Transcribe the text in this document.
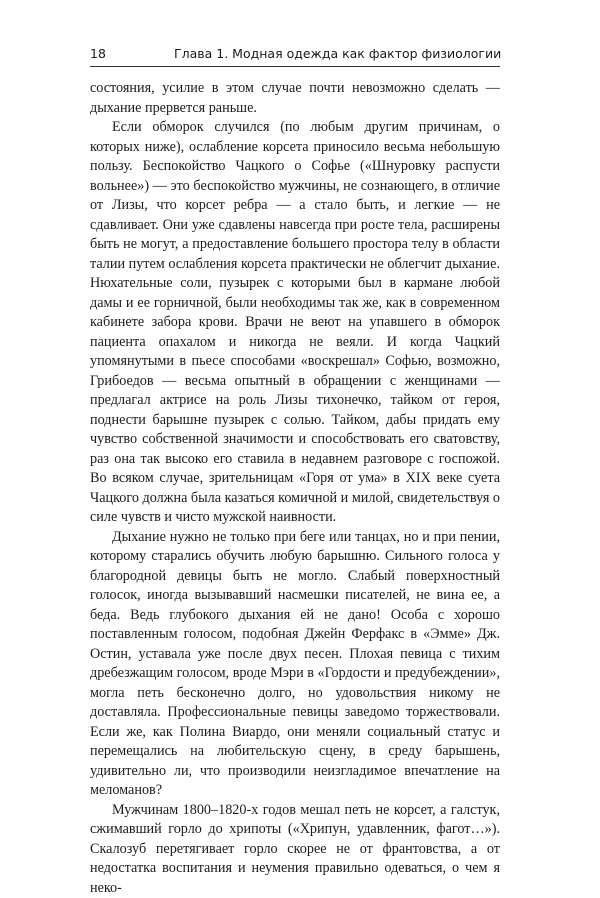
18	Глава 1. Модная одежда как фактор физиологии

состояния, усилие в этом случае почти невозможно сделать — дыхание прервется раньше.

Если обморок случился (по любым другим причинам, о которых ниже), ослабление корсета приносило весьма небольшую пользу. Беспокойство Чацкого о Софье («Шнуровку распусти вольнее») — это беспокойство мужчины, не сознающего, в отличие от Лизы, что корсет ребра — а стало быть, и легкие — не сдавливает. Они уже сдавлены навсегда при росте тела, расширены быть не могут, а предоставление большего простора телу в области талии путем ослабления корсета практически не облегчит дыхание. Нюхательные соли, пузырек с которыми был в кармане любой дамы и ее горничной, были необходимы так же, как в современном кабинете забора крови. Врачи не веют на упавшего в обморок пациента опахалом и никогда не веяли. И когда Чацкий упомянутыми в пьесе способами «воскрешал» Софью, возможно, Грибоедов — весьма опытный в обращении с женщинами — предлагал актрисе на роль Лизы тихонечко, тайком от героя, поднести барышне пузырек с солью. Тайком, дабы придать ему чувство собственной значимости и способствовать его сватовству, раз она так высоко его ставила в недавнем разговоре с госпожой. Во всяком случае, зрительницам «Горя от ума» в XIX веке суета Чацкого должна была казаться комичной и милой, свидетельствуя о силе чувств и чисто мужской наивности.

Дыхание нужно не только при беге или танцах, но и при пении, которому старались обучить любую барышню. Сильного голоса у благородной девицы быть не могло. Слабый поверхностный голосок, иногда вызывавший насмешки писателей, не вина ее, а беда. Ведь глубокого дыхания ей не дано! Особа с хорошо поставленным голосом, подобная Джейн Ферфакс в «Эмме» Дж. Остин, уставала уже после двух песен. Плохая певица с тихим дребезжащим голосом, вроде Мэри в «Гордости и предубеждении», могла петь бесконечно долго, но удовольствия никому не доставляла. Профессиональные певицы заведомо торжествовали. Если же, как Полина Виардо, они меняли социальный статус и перемещались на любительскую сцену, в среду барышень, удивительно ли, что производили неизгладимое впечатление на меломанов?

Мужчинам 1800–1820-х годов мешал петь не корсет, а галстук, сжимавший горло до хрипоты («Хрипун, удавленник, фагот…»). Скалозуб перетягивает горло скорее не от франтовства, а от недостатка воспитания и неумения правильно одеваться, о чем я неко-
